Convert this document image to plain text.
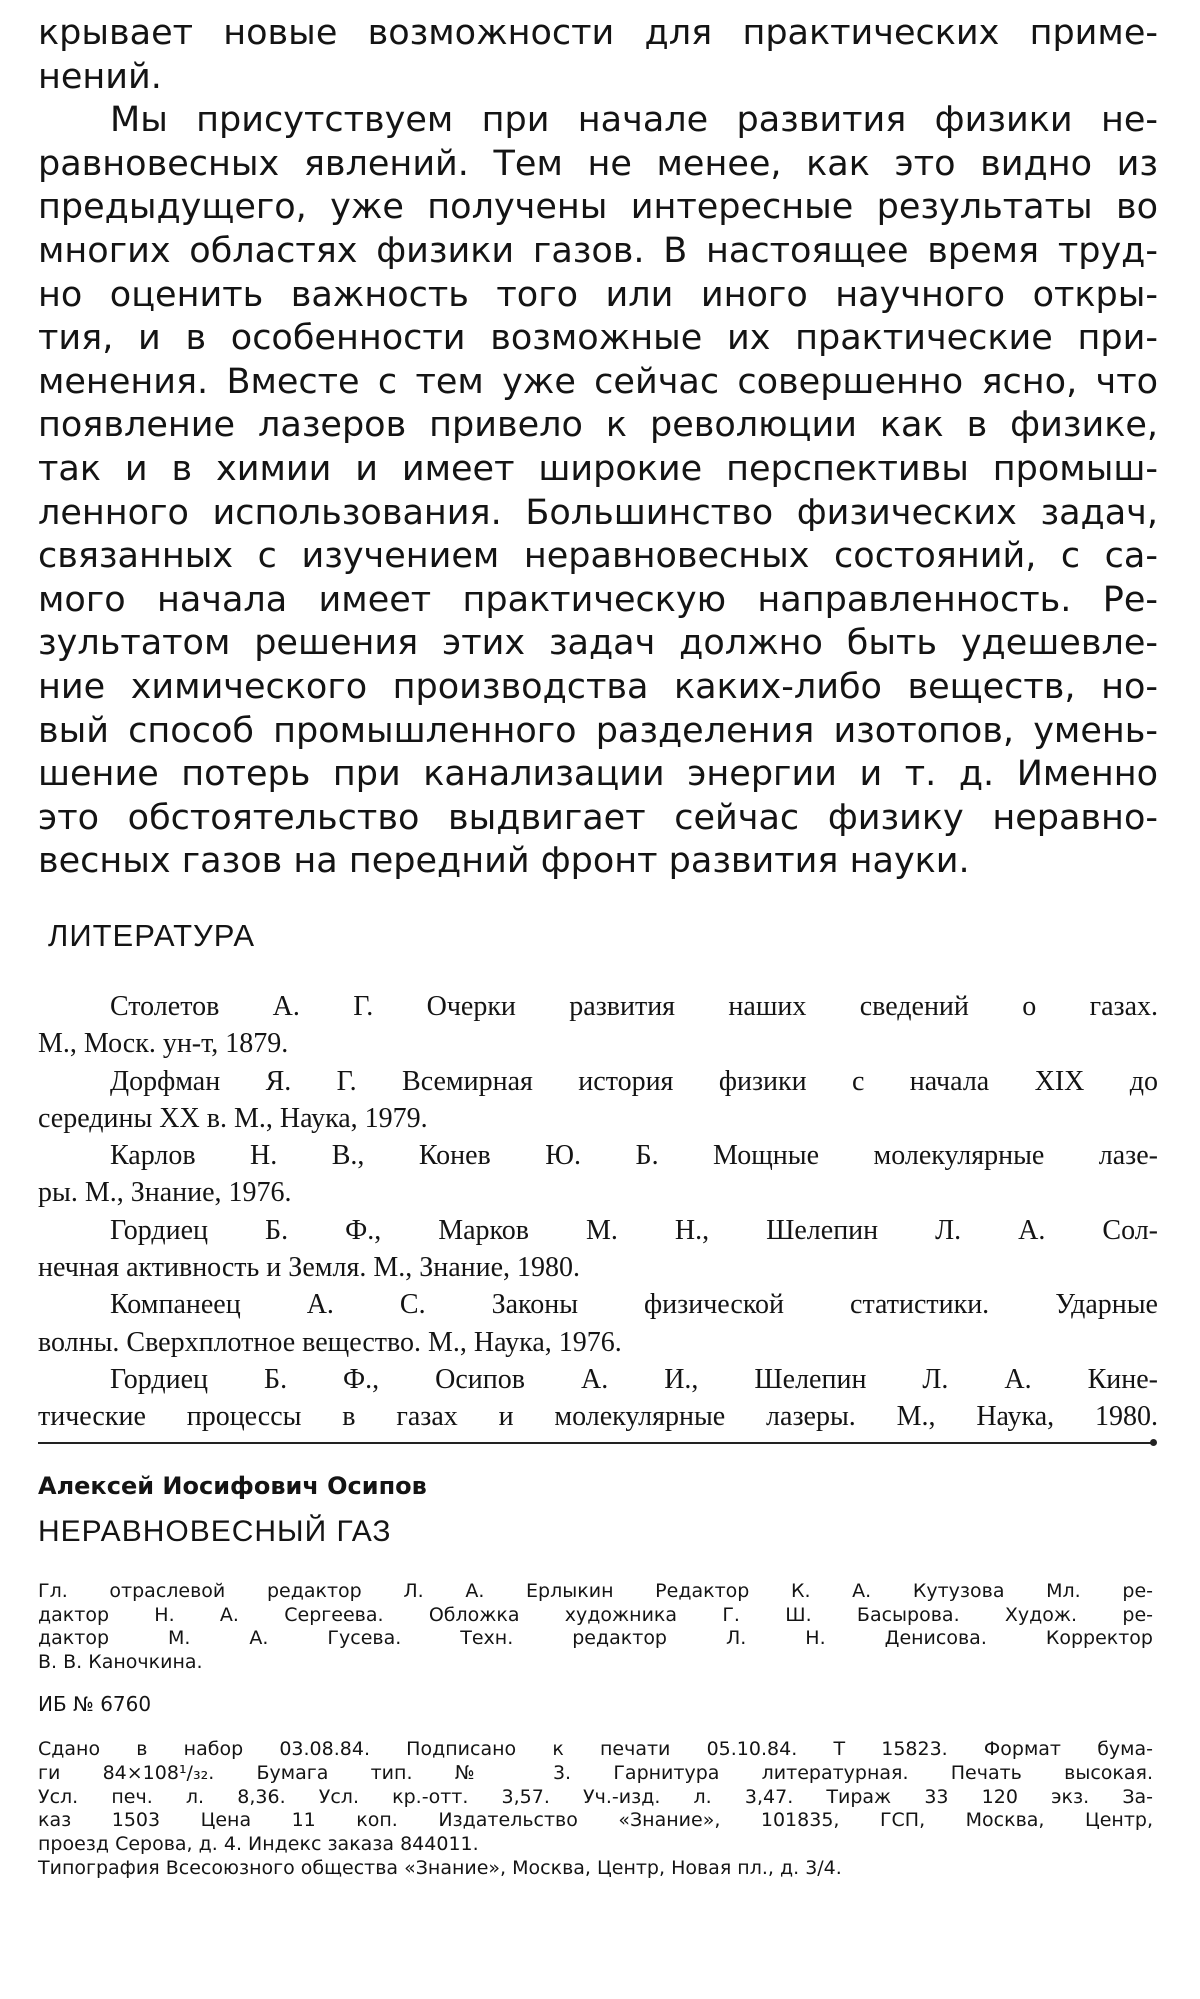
крывает новые возможности для практических приме-
нений.
Мы присутствуем при начале развития физики не-
равновесных явлений. Тем не менее, как это видно из
предыдущего, уже получены интересные результаты во
многих областях физики газов. В настоящее время труд-
но оценить важность того или иного научного откры-
тия, и в особенности возможные их практические при-
менения. Вместе с тем уже сейчас совершенно ясно, что
появление лазеров привело к революции как в физике,
так и в химии и имеет широкие перспективы промыш-
ленного использования. Большинство физических задач,
связанных с изучением неравновесных состояний, с са-
мого начала имеет практическую направленность. Ре-
зультатом решения этих задач должно быть удешевле-
ние химического производства каких-либо веществ, но-
вый способ промышленного разделения изотопов, умень-
шение потерь при канализации энергии и т. д. Именно
это обстоятельство выдвигает сейчас физику неравно-
весных газов на передний фронт развития науки.
ЛИТЕРАТУРА
Столетов А. Г. Очерки развития наших сведений о газах.
М., Моск. ун-т, 1879.
Дорфман Я. Г. Всемирная история физики с начала XIX до
середины XX в. М., Наука, 1979.
Карлов Н. В., Конев Ю. Б. Мощные молекулярные лазе-
ры. М., Знание, 1976.
Гордиец Б. Ф., Марков М. Н., Шелепин Л. А. Сол-
нечная активность и Земля. М., Знание, 1980.
Компанеец А. С. Законы физической статистики. Ударные
волны. Сверхплотное вещество. М., Наука, 1976.
Гордиец Б. Ф., Осипов А. И., Шелепин Л. А. Кине-
тические процессы в газах и молекулярные лазеры. М., Наука, 1980.
Алексей Иосифович Осипов
НЕРАВНОВЕСНЫЙ ГАЗ
Гл. отраслевой редактор Л. А. Ерлыкин Редактор К. А. Кутузова Мл. ре-
дактор Н. А. Сергеева. Обложка художника Г. Ш. Басырова. Худож. ре-
дактор М. А. Гусева. Техн. редактор Л. Н. Денисова. Корректор
В. В. Каночкина.
ИБ № 6760
Сдано в набор 03.08.84. Подписано к печати 05.10.84. Т 15823. Формат бума-
ги 84×108¹/₃₂. Бумага тип. № 3. Гарнитура литературная. Печать высокая.
Усл. печ. л. 8,36. Усл. кр.-отт. 3,57. Уч.-изд. л. 3,47. Тираж 33 120 экз. За-
каз 1503 Цена 11 коп. Издательство «Знание», 101835, ГСП, Москва, Центр,
проезд Серова, д. 4. Индекс заказа 844011.
Типография Всесоюзного общества «Знание», Москва, Центр, Новая пл., д. 3/4.
